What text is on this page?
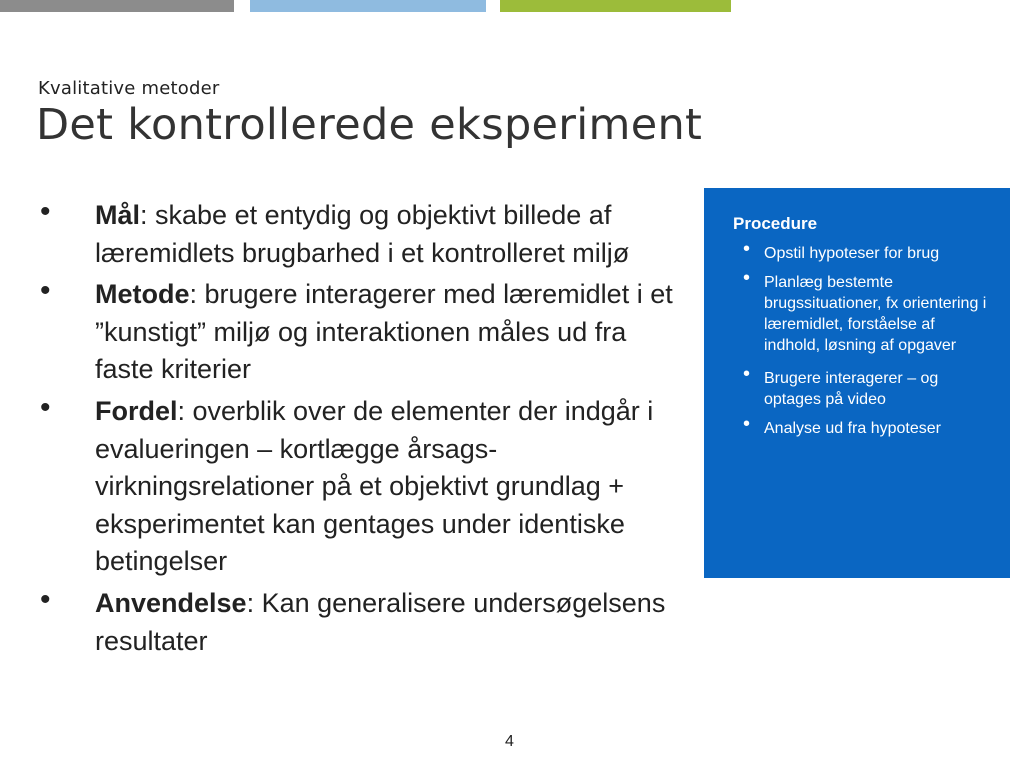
Kvalitative metoder
Det kontrollerede eksperiment
• Mål: skabe et entydig og objektivt billede af læremidlets brugbarhed i et kontrolleret miljø
• Metode: brugere interagerer med læremidlet i et ”kunstigt” miljø og interaktionen måles ud fra faste kriterier
• Fordel: overblik over de elementer der indgår i evalueringen – kortlægge årsags-virkningsrelationer på et objektivt grundlag + eksperimentet kan gentages under identiske betingelser
• Anvendelse: Kan generalisere undersøgelsens resultater
Procedure
• Opstil hypoteser for brug
• Planlæg bestemte brugssituationer, fx orientering i læremidlet, forståelse af indhold, løsning af opgaver
• Brugere interagerer – og optages på video
• Analyse ud fra hypoteser
4
